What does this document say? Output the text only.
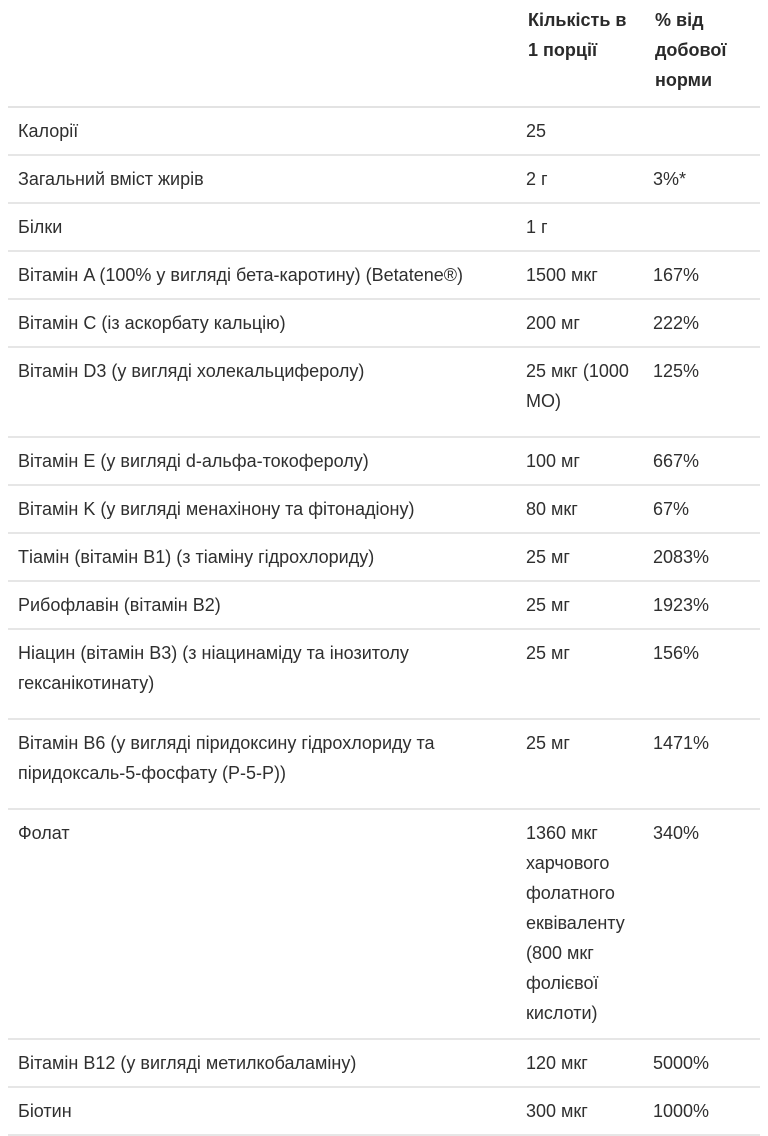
	Кількість в 1 порції	% від добової норми
Калорії	25	
Загальний вміст жирів	2 г	3%*
Білки	1 г	
Вітамін A (100% у вигляді бета-каротину) (Betatene®)	1500 мкг	167%
Вітамін C (із аскорбату кальцію)	200 мг	222%
Вітамін D3 (у вигляді холекальциферолу)	25 мкг (1000 МО)	125%
Вітамін E (у вигляді d-альфа-токоферолу)	100 мг	667%
Вітамін K (у вигляді менахінону та фітонадіону)	80 мкг	67%
Тіамін (вітамін B1) (з тіаміну гідрохлориду)	25 мг	2083%
Рибофлавін (вітамін B2)	25 мг	1923%
Ніацин (вітамін B3) (з ніацинаміду та інозитолу гексанікотинату)	25 мг	156%
Вітамін B6 (у вигляді піридоксину гідрохлориду та піридоксаль-5-фосфату (P-5-P))	25 мг	1471%
Фолат	1360 мкг харчового фолатного еквіваленту (800 мкг фолієвої кислоти)	340%
Вітамін B12 (у вигляді метилкобаламіну)	120 мкг	5000%
Біотин	300 мкг	1000%
